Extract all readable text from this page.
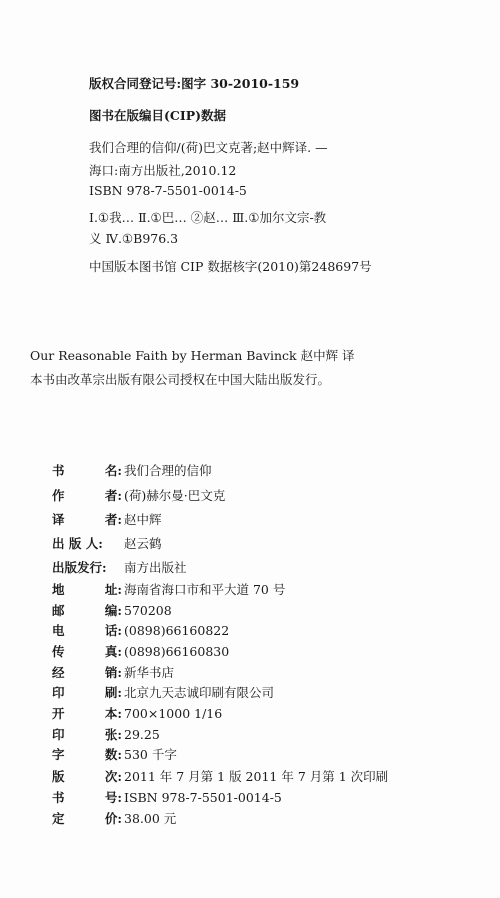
版权合同登记号:图字 30-2010-159
图书在版编目(CIP)数据
我们合理的信仰/(荷)巴文克著;赵中辉译. —
海口:南方出版社,2010.12
ISBN 978-7-5501-0014-5
Ⅰ.①我… Ⅱ.①巴… ②赵… Ⅲ.①加尔文宗-教
义 Ⅳ.①B976.3
中国版本图书馆 CIP 数据核字(2010)第248697号
Our Reasonable Faith by Herman Bavinck 赵中辉 译
本书由改革宗出版有限公司授权在中国大陆出版发行。
书	名: 我们合理的信仰
作	者: (荷)赫尔曼·巴文克
译	者: 赵中辉
出 版 人: 赵云鹤
出版发行: 南方出版社
地	址: 海南省海口市和平大道 70 号
邮	编: 570208
电	话: (0898)66160822
传	真: (0898)66160830
经	销: 新华书店
印	刷: 北京九天志诚印刷有限公司
开	本: 700×1000 1/16
印	张: 29.25
字	数: 530 千字
版	次: 2011 年 7 月第 1 版 2011 年 7 月第 1 次印刷
书	号: ISBN 978-7-5501-0014-5
定	价: 38.00 元
